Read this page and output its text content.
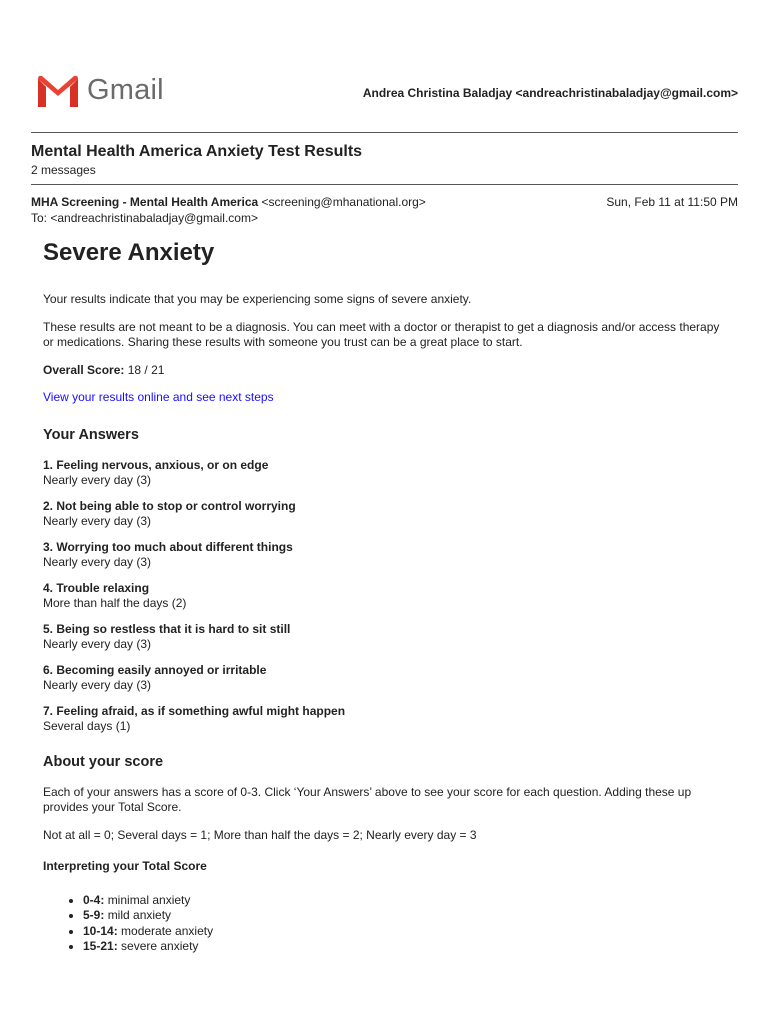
Gmail	Andrea Christina Baladjay <andreachristinabaladjay@gmail.com>
Mental Health America Anxiety Test Results
2 messages
MHA Screening - Mental Health America <screening@mhanational.org>	Sun, Feb 11 at 11:50 PM
To: <andreachristinabaladjay@gmail.com>
Severe Anxiety

Your results indicate that you may be experiencing some signs of severe anxiety.

These results are not meant to be a diagnosis. You can meet with a doctor or therapist to get a diagnosis and/or access therapy or medications. Sharing these results with someone you trust can be a great place to start.

Overall Score: 18 / 21

View your results online and see next steps

Your Answers
1. Feeling nervous, anxious, or on edge
Nearly every day (3)
2. Not being able to stop or control worrying
Nearly every day (3)
3. Worrying too much about different things
Nearly every day (3)
4. Trouble relaxing
More than half the days (2)
5. Being so restless that it is hard to sit still
Nearly every day (3)
6. Becoming easily annoyed or irritable
Nearly every day (3)
7. Feeling afraid, as if something awful might happen
Several days (1)
About your score

Each of your answers has a score of 0-3. Click ‘Your Answers’ above to see your score for each question. Adding these up provides your Total Score.

Not at all = 0; Several days = 1; More than half the days = 2; Nearly every day = 3

Interpreting your Total Score
• 0-4: minimal anxiety
• 5-9: mild anxiety
• 10-14: moderate anxiety
• 15-21: severe anxiety
